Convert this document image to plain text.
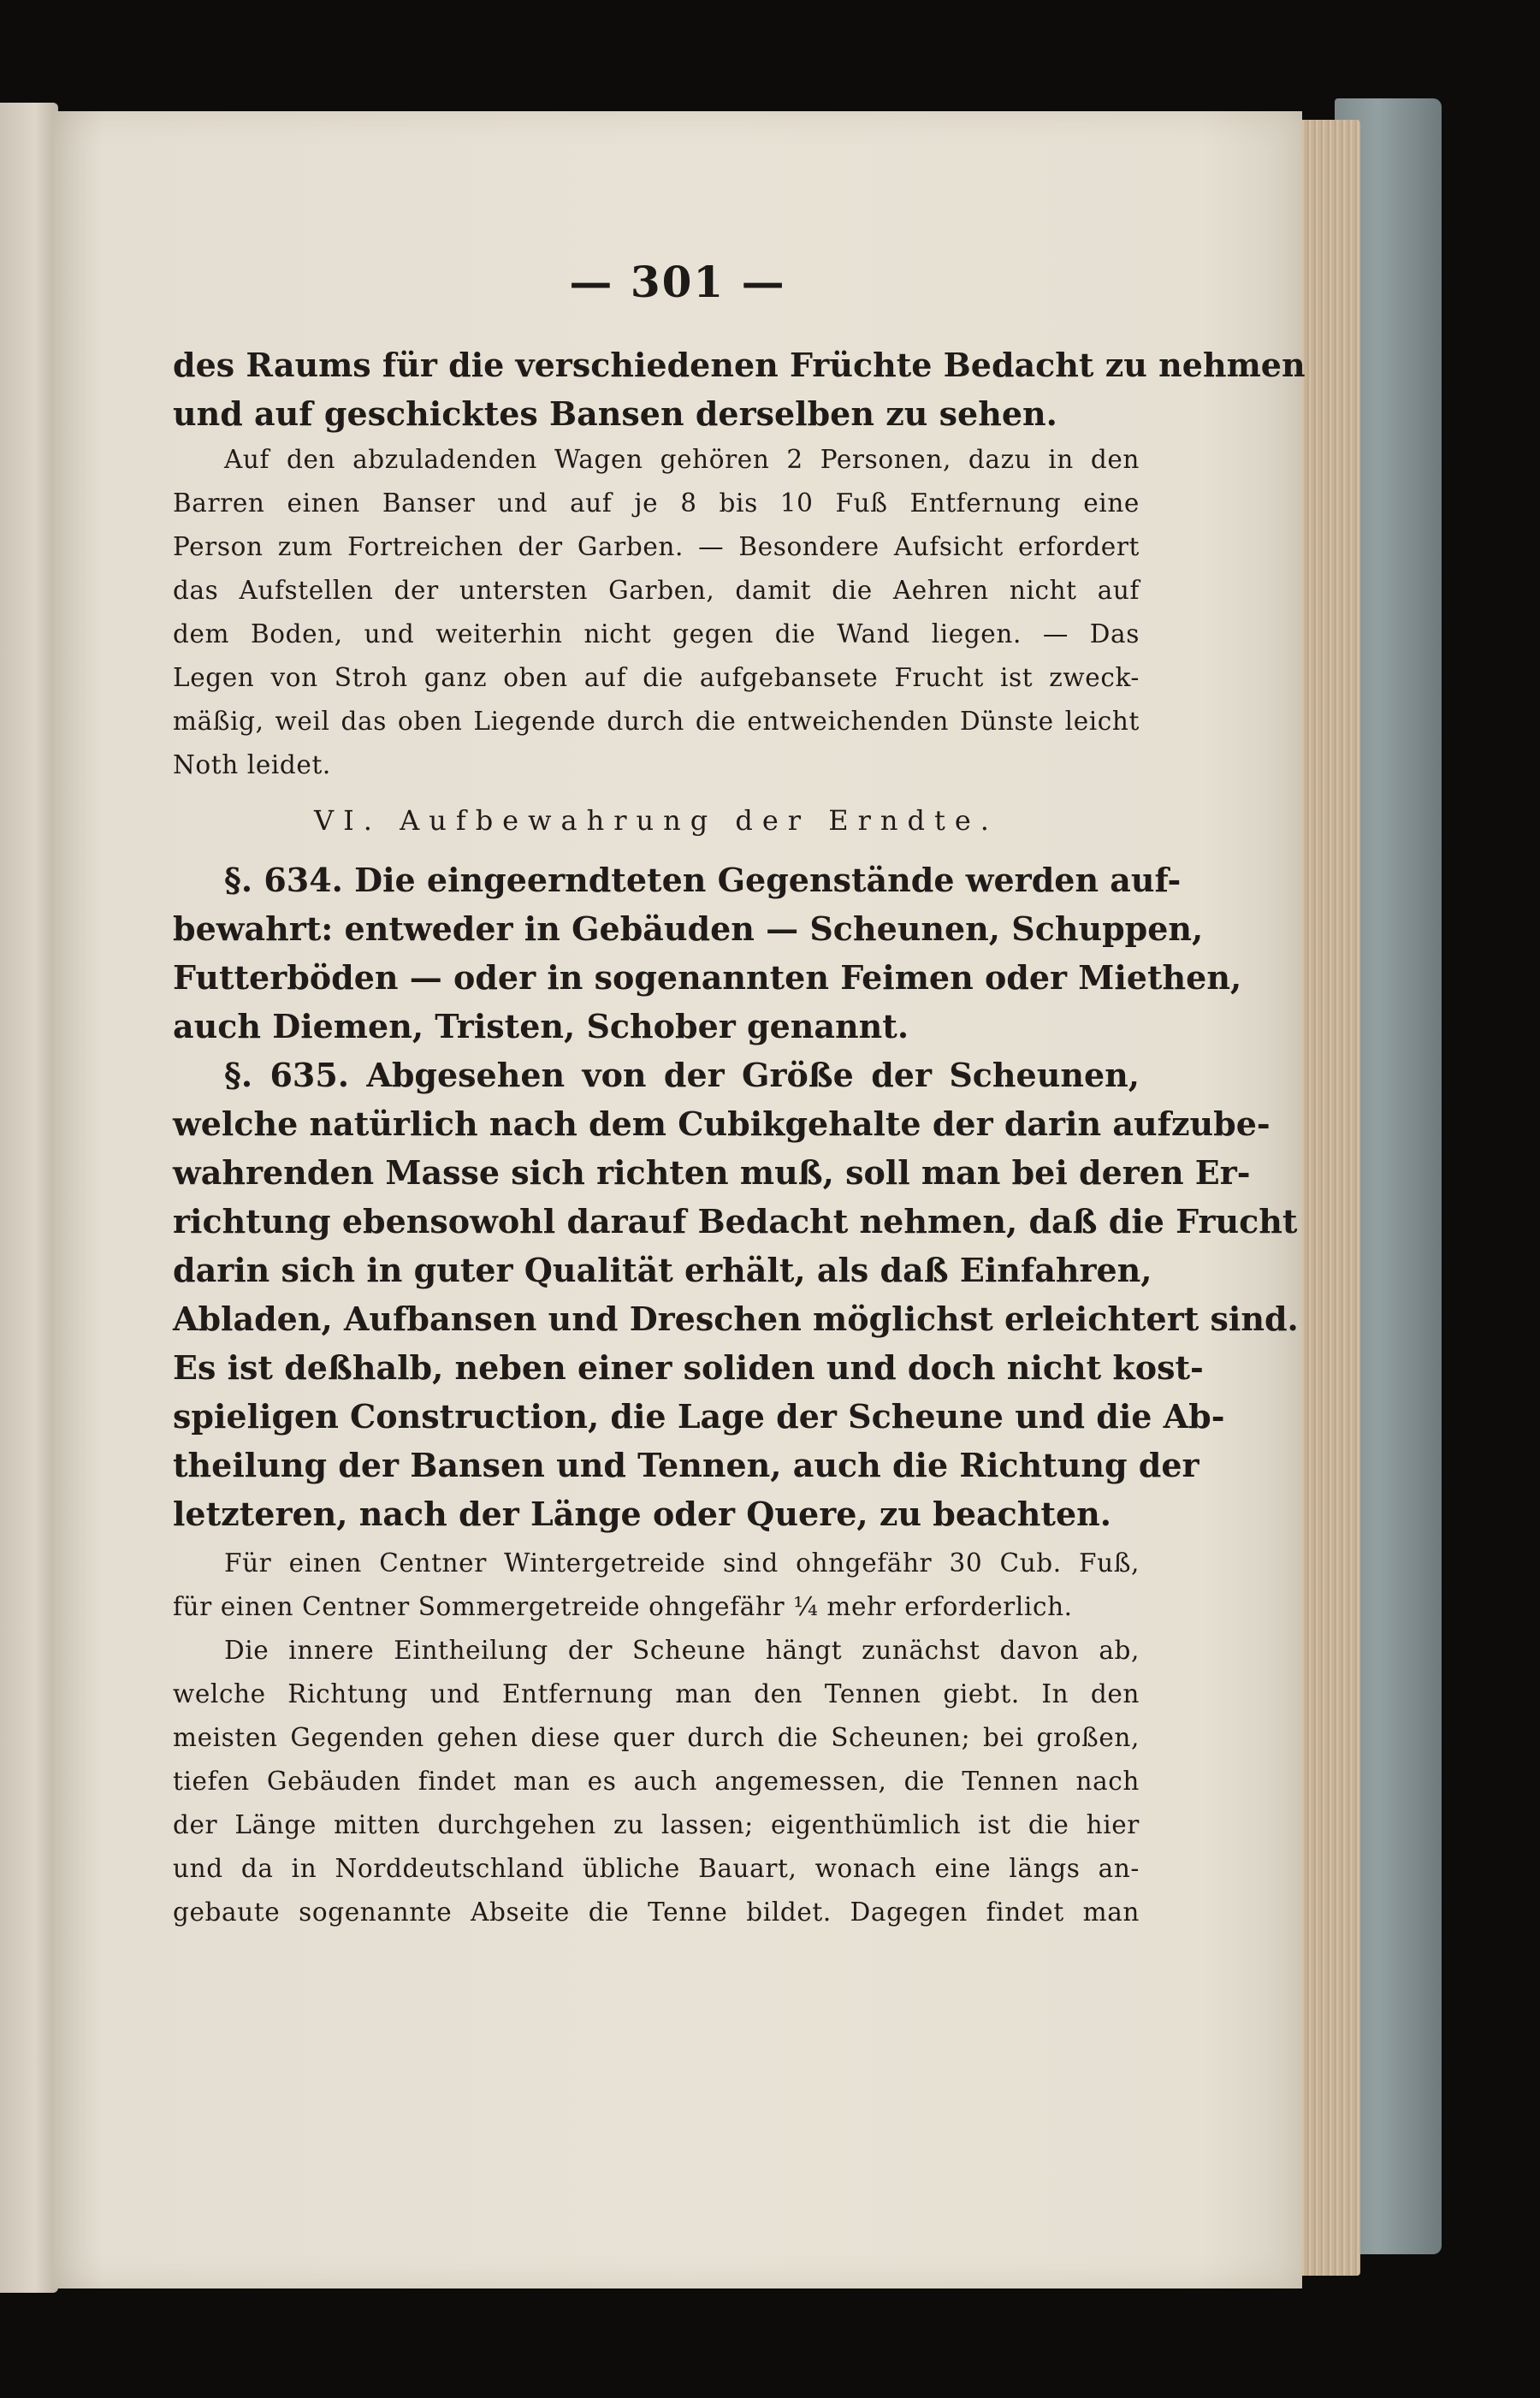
— 301 —
des Raums für die verschiedenen Früchte Bedacht zu nehmen
und auf geschicktes Bansen derselben zu sehen.
Auf den abzuladenden Wagen gehören 2 Personen, dazu in den
Barren einen Banser und auf je 8 bis 10 Fuß Entfernung eine
Person zum Fortreichen der Garben. — Besondere Aufsicht erfordert
das Aufstellen der untersten Garben, damit die Aehren nicht auf
dem Boden, und weiterhin nicht gegen die Wand liegen. — Das
Legen von Stroh ganz oben auf die aufgebansete Frucht ist zweck-
mäßig, weil das oben Liegende durch die entweichenden Dünste leicht
Noth leidet.
VI. Aufbewahrung der Erndte.
§. 634. Die eingeerndteten Gegenstände werden auf-
bewahrt: entweder in Gebäuden — Scheunen, Schuppen,
Futterböden — oder in sogenannten Feimen oder Miethen,
auch Diemen, Tristen, Schober genannt.
§. 635. Abgesehen von der Größe der Scheunen,
welche natürlich nach dem Cubikgehalte der darin aufzube-
wahrenden Masse sich richten muß, soll man bei deren Er-
richtung ebensowohl darauf Bedacht nehmen, daß die Frucht
darin sich in guter Qualität erhält, als daß Einfahren,
Abladen, Aufbansen und Dreschen möglichst erleichtert sind.
Es ist deßhalb, neben einer soliden und doch nicht kost-
spieligen Construction, die Lage der Scheune und die Ab-
theilung der Bansen und Tennen, auch die Richtung der
letzteren, nach der Länge oder Quere, zu beachten.
Für einen Centner Wintergetreide sind ohngefähr 30 Cub. Fuß,
für einen Centner Sommergetreide ohngefähr ¼ mehr erforderlich.
Die innere Eintheilung der Scheune hängt zunächst davon ab,
welche Richtung und Entfernung man den Tennen giebt. In den
meisten Gegenden gehen diese quer durch die Scheunen; bei großen,
tiefen Gebäuden findet man es auch angemessen, die Tennen nach
der Länge mitten durchgehen zu lassen; eigenthümlich ist die hier
und da in Norddeutschland übliche Bauart, wonach eine längs an-
gebaute sogenannte Abseite die Tenne bildet. Dagegen findet man
